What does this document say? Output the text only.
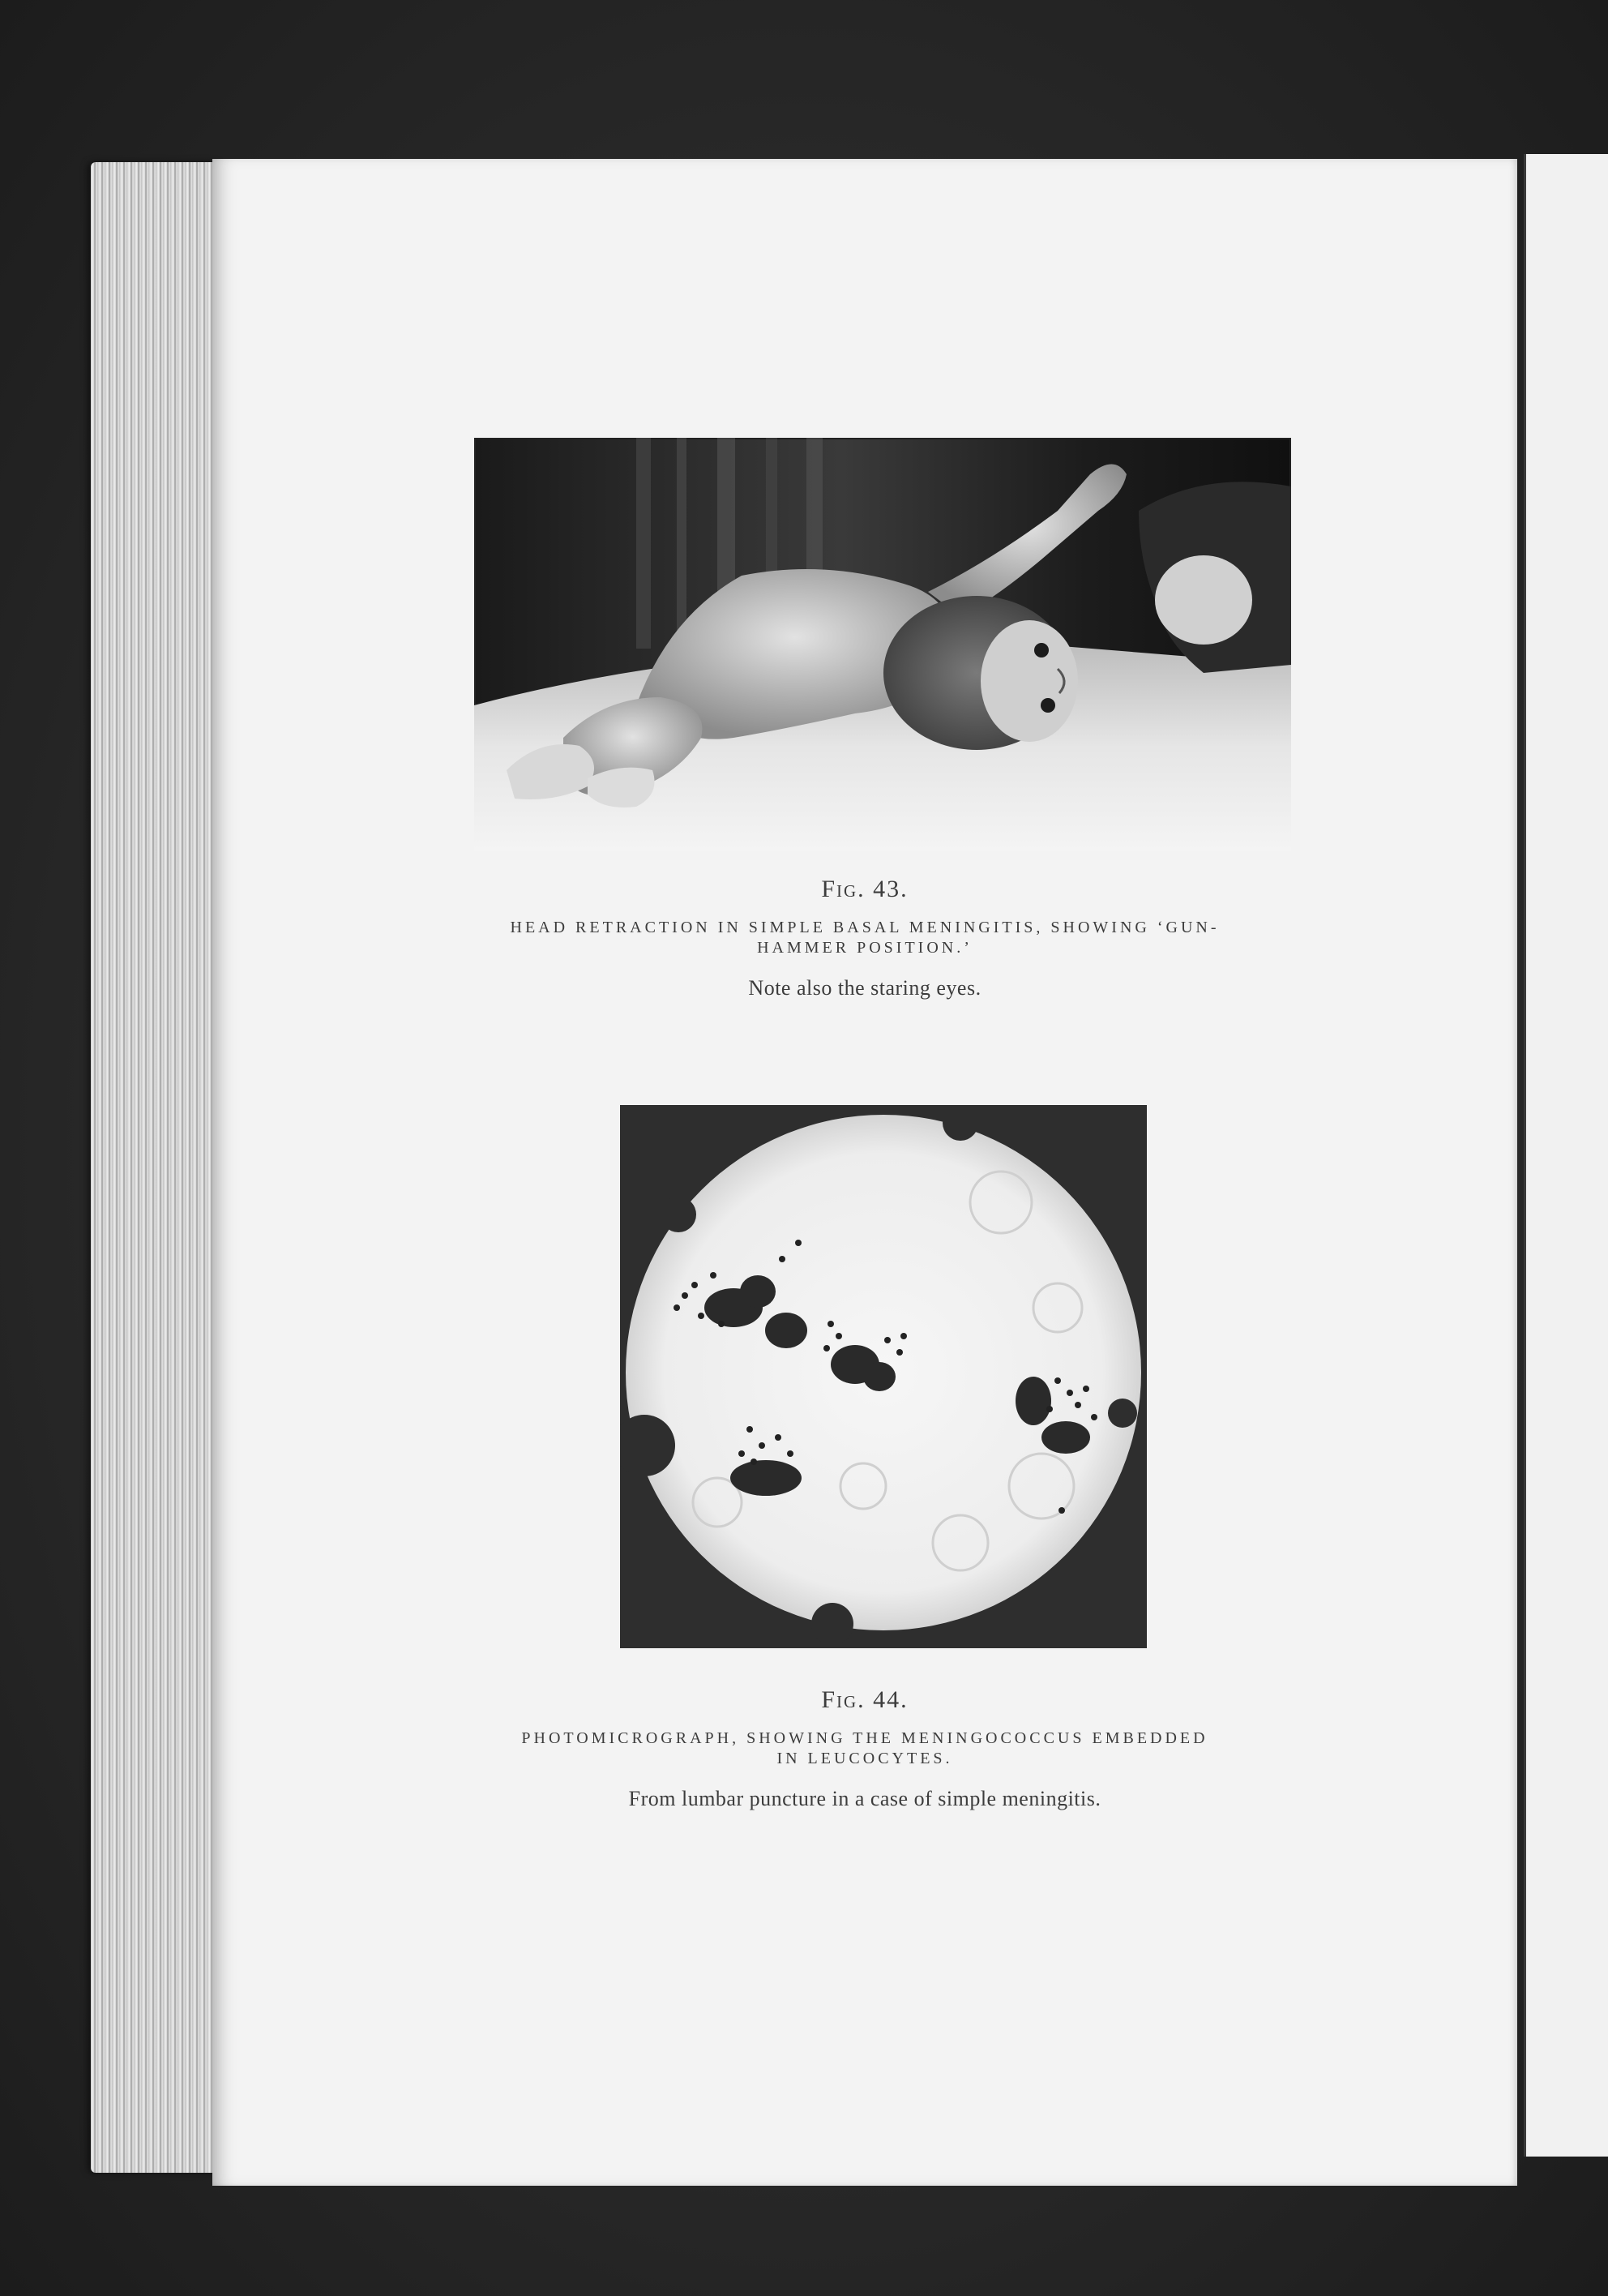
Fig. 43.
HEAD RETRACTION IN SIMPLE BASAL MENINGITIS, SHOWING ‘GUN-HAMMER POSITION.’
Note also the staring eyes.
Fig. 44.
PHOTOMICROGRAPH, SHOWING THE MENINGOCOCCUS EMBEDDED IN LEUCOCYTES.
From lumbar puncture in a case of simple meningitis.
